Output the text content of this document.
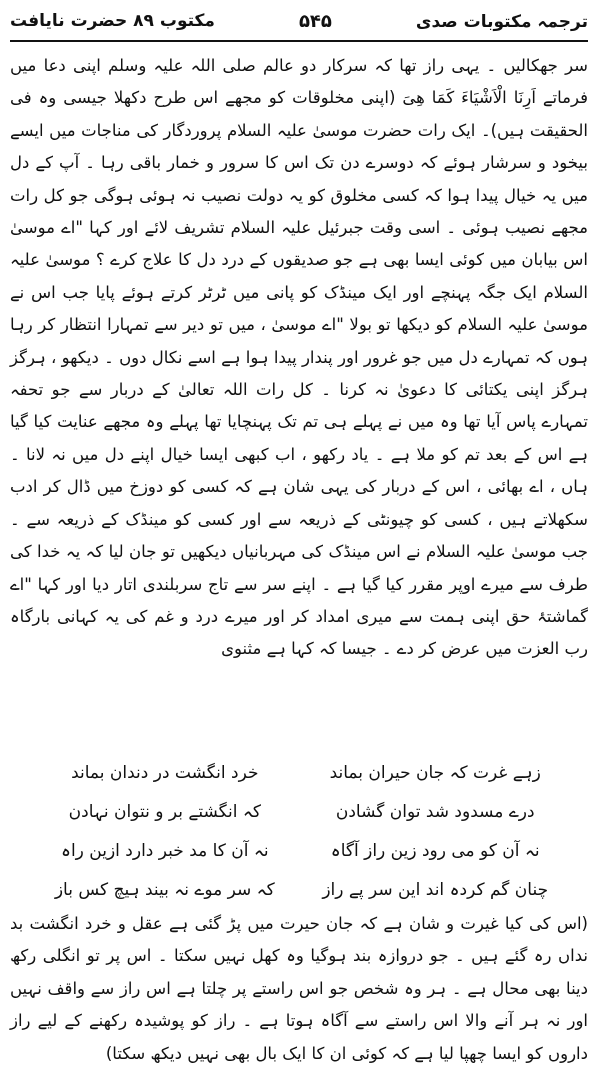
مکتوب ۸۹ حضرت نایافت	۵۴۵	ترجمہ مکتوبات صدی

سر جھکالیں ۔ یہی راز تھا کہ سرکار دو عالم صلی اللہ علیہ وسلم اپنی دعا میں فرماتے اَرِنَا الْاَشْیَاءَ کَمَا ھِیَ (اپنی مخلوقات کو مجھے اس طرح دکھلا جیسی وہ فی الحقیقت ہیں)۔ ایک رات حضرت موسیٰ علیہ السلام پروردگار کی مناجات میں ایسے بیخود و سرشار ہوئے کہ دوسرے دن تک اس کا سرور و خمار باقی رہا ۔ آپ کے دل میں یہ خیال پیدا ہوا کہ کسی مخلوق کو یہ دولت نصیب نہ ہوئی ہوگی جو کل رات مجھے نصیب ہوئی ۔ اسی وقت جبرئیل علیہ السلام تشریف لائے اور کہا "اے موسیٰ اس بیابان میں کوئی ایسا بھی ہے جو صدیقوں کے درد دل کا علاج کرے ؟ موسیٰ علیہ السلام ایک جگہ پہنچے اور ایک مینڈک کو پانی میں ٹرٹر کرتے ہوئے پایا جب اس نے موسیٰ علیہ السلام کو دیکھا تو بولا "اے موسیٰ ، میں تو دیر سے تمہارا انتظار کر رہا ہوں کہ تمہارے دل میں جو غرور اور پندار پیدا ہوا ہے اسے نکال دوں ۔ دیکھو ، ہرگز ہرگز اپنی یکتائی کا دعویٰ نہ کرنا ۔ کل رات اللہ تعالیٰ کے دربار سے جو تحفہ تمہارے پاس آیا تھا وہ میں نے پہلے ہی تم تک پہنچایا تھا پہلے وہ مجھے عنایت کیا گیا ہے اس کے بعد تم کو ملا ہے ۔ یاد رکھو ، اب کبھی ایسا خیال اپنے دل میں نہ لانا ۔ ہاں ، اے بھائی ، اس کے دربار کی یہی شان ہے کہ کسی کو دوزخ میں ڈال کر ادب سکھلاتے ہیں ، کسی کو چیونٹی کے ذریعہ سے اور کسی کو مینڈک کے ذریعہ سے ۔ جب موسیٰ علیہ السلام نے اس مینڈک کی مہربانیاں دیکھیں تو جان لیا کہ یہ خدا کی طرف سے میرے اوپر مقرر کیا گیا ہے ۔ اپنے سر سے تاج سربلندی اتار دیا اور کہا "اے گماشتۂ حق اپنی ہمت سے میری امداد کر اور میرے درد و غم کی یہ کہانی بارگاہ رب العزت میں عرض کر دے ۔ جیسا کہ کہا ہے مثنوی

زہے غرت کہ جان حیران بماند
خرد انگشت در دندان بماند
درے مسدود شد توان گشادن
کہ انگشتے بر و نتوان نہادن
نہ آن کو می رود زین راز آگاہ
نہ آن کا مد خبر دارد ازین راہ
چنان گم کردہ اند این سر پے راز
کہ سر موے نہ بیند ہیچ کس باز

(اس کی کیا غیرت و شان ہے کہ جان حیرت میں پڑ گئی ہے عقل و خرد انگشت بد نداں رہ گئے ہیں ۔ جو دروازہ بند ہوگیا وہ کھل نہیں سکتا ۔ اس پر تو انگلی رکھ دینا بھی محال ہے ۔ ہر وہ شخص جو اس راستے پر چلتا ہے اس راز سے واقف نہیں اور نہ ہر آنے والا اس راستے سے آگاہ ہوتا ہے ۔ راز کو پوشیدہ رکھنے کے لیے راز داروں کو ایسا چھپا لیا ہے کہ کوئی ان کا ایک بال بھی نہیں دیکھ سکتا)
